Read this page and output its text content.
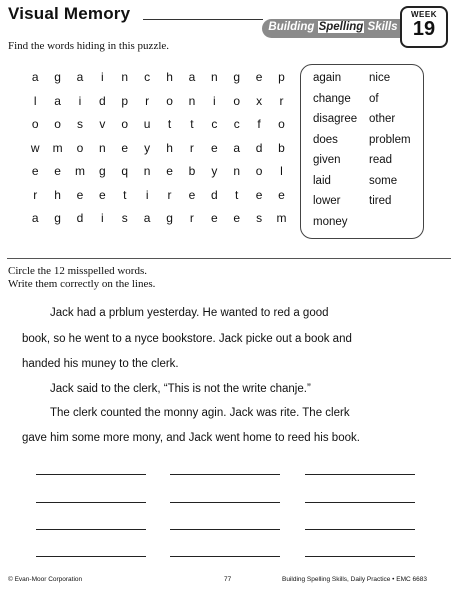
Visual Memory
Building Spelling Skills
WEEK
19
Find the words hiding in this puzzle.
a	g	a	i	n	c	h	a	n	g	e	p
l	a	i	d	p	r	o	n	i	o	x	r
o	o	s	v	o	u	t	t	c	c	f	o
w	m	o	n	e	y	h	r	e	a	d	b
e	e	m	g	q	n	e	b	y	n	o	l
r	h	e	e	t	i	r	e	d	t	e	e
a	g	d	i	s	a	g	r	e	e	s	m
again
change
disagree
does
given
laid
lower
money
nice
of
other
problem
read
some
tired
Circle the 12 misspelled words.
Write them correctly on the lines.
Jack had a prblum yesterday. He wanted to red a good
book, so he went to a nyce bookstore. Jack picke out a book and
handed his muney to the clerk.
Jack said to the clerk, “This is not the write chanje.”
The clerk counted the monny agin. Jack was rite. The clerk
gave him some more mony, and Jack went home to reed his book.
© Evan-Moor Corporation	77	Building Spelling Skills, Daily Practice • EMC 6683
